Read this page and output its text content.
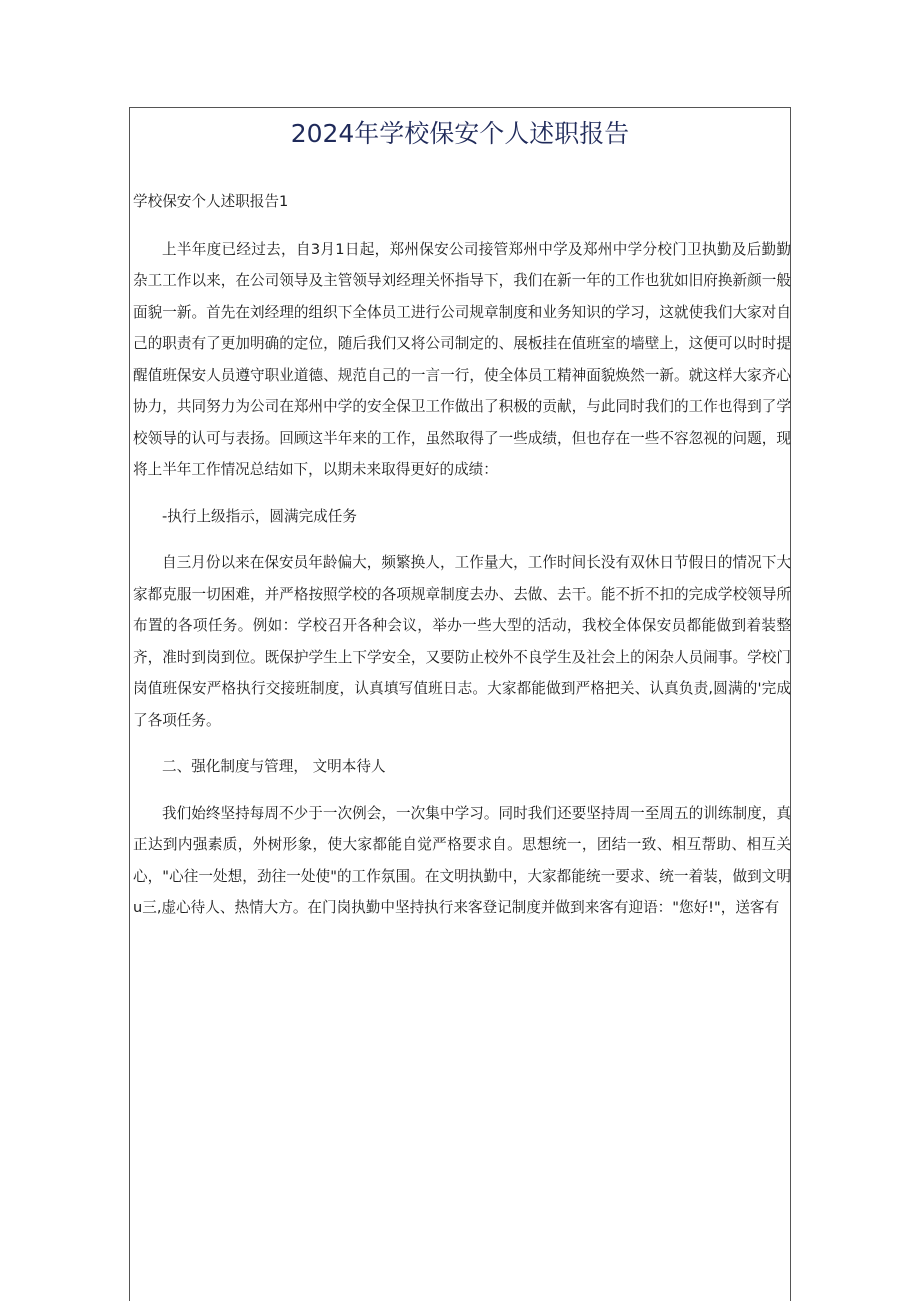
2024年学校保安个人述职报告

学校保安个人述职报告1

上半年度已经过去，自3月1日起，郑州保安公司接管郑州中学及郑州中学分校门卫执勤及后勤勤杂工工作以来，在公司领导及主管领导刘经理关怀指导下，我们在新一年的工作也犹如旧府换新颜一般面貌一新。首先在刘经理的组织下全体员工进行公司规章制度和业务知识的学习，这就使我们大家对自己的职责有了更加明确的定位，随后我们又将公司制定的、展板挂在值班室的墙壁上，这便可以时时提醒值班保安人员遵守职业道德、规范自己的一言一行，使全体员工精神面貌焕然一新。就这样大家齐心协力，共同努力为公司在郑州中学的安全保卫工作做出了积极的贡献，与此同时我们的工作也得到了学校领导的认可与表扬。回顾这半年来的工作，虽然取得了一些成绩，但也存在一些不容忽视的问题，现将上半年工作情况总结如下，以期未来取得更好的成绩：

-执行上级指示，圆满完成任务

自三月份以来在保安员年龄偏大，频繁换人，工作量大，工作时间长没有双休日节假日的情况下大家都克服一切困难，并严格按照学校的各项规章制度去办、去做、去干。能不折不扣的完成学校领导所布置的各项任务。例如：学校召开各种会议，举办一些大型的活动，我校全体保安员都能做到着装整齐，准时到岗到位。既保护学生上下学安全，又要防止校外不良学生及社会上的闲杂人员闹事。学校门岗值班保安严格执行交接班制度，认真填写值班日志。大家都能做到严格把关、认真负责,圆满的'完成了各项任务。

二、强化制度与管理， 文明本待人

我们始终坚持每周不少于一次例会，一次集中学习。同时我们还要坚持周一至周五的训练制度，真正达到内强素质，外树形象，使大家都能自觉严格要求自。思想统一，团结一致、相互帮助、相互关心，"心往一处想，劲往一处使"的工作氛围。在文明执勤中，大家都能统一要求、统一着装，做到文明u三,虚心待人、热情大方。在门岗执勤中坚持执行来客登记制度并做到来客有迎语："您好!"，送客有
